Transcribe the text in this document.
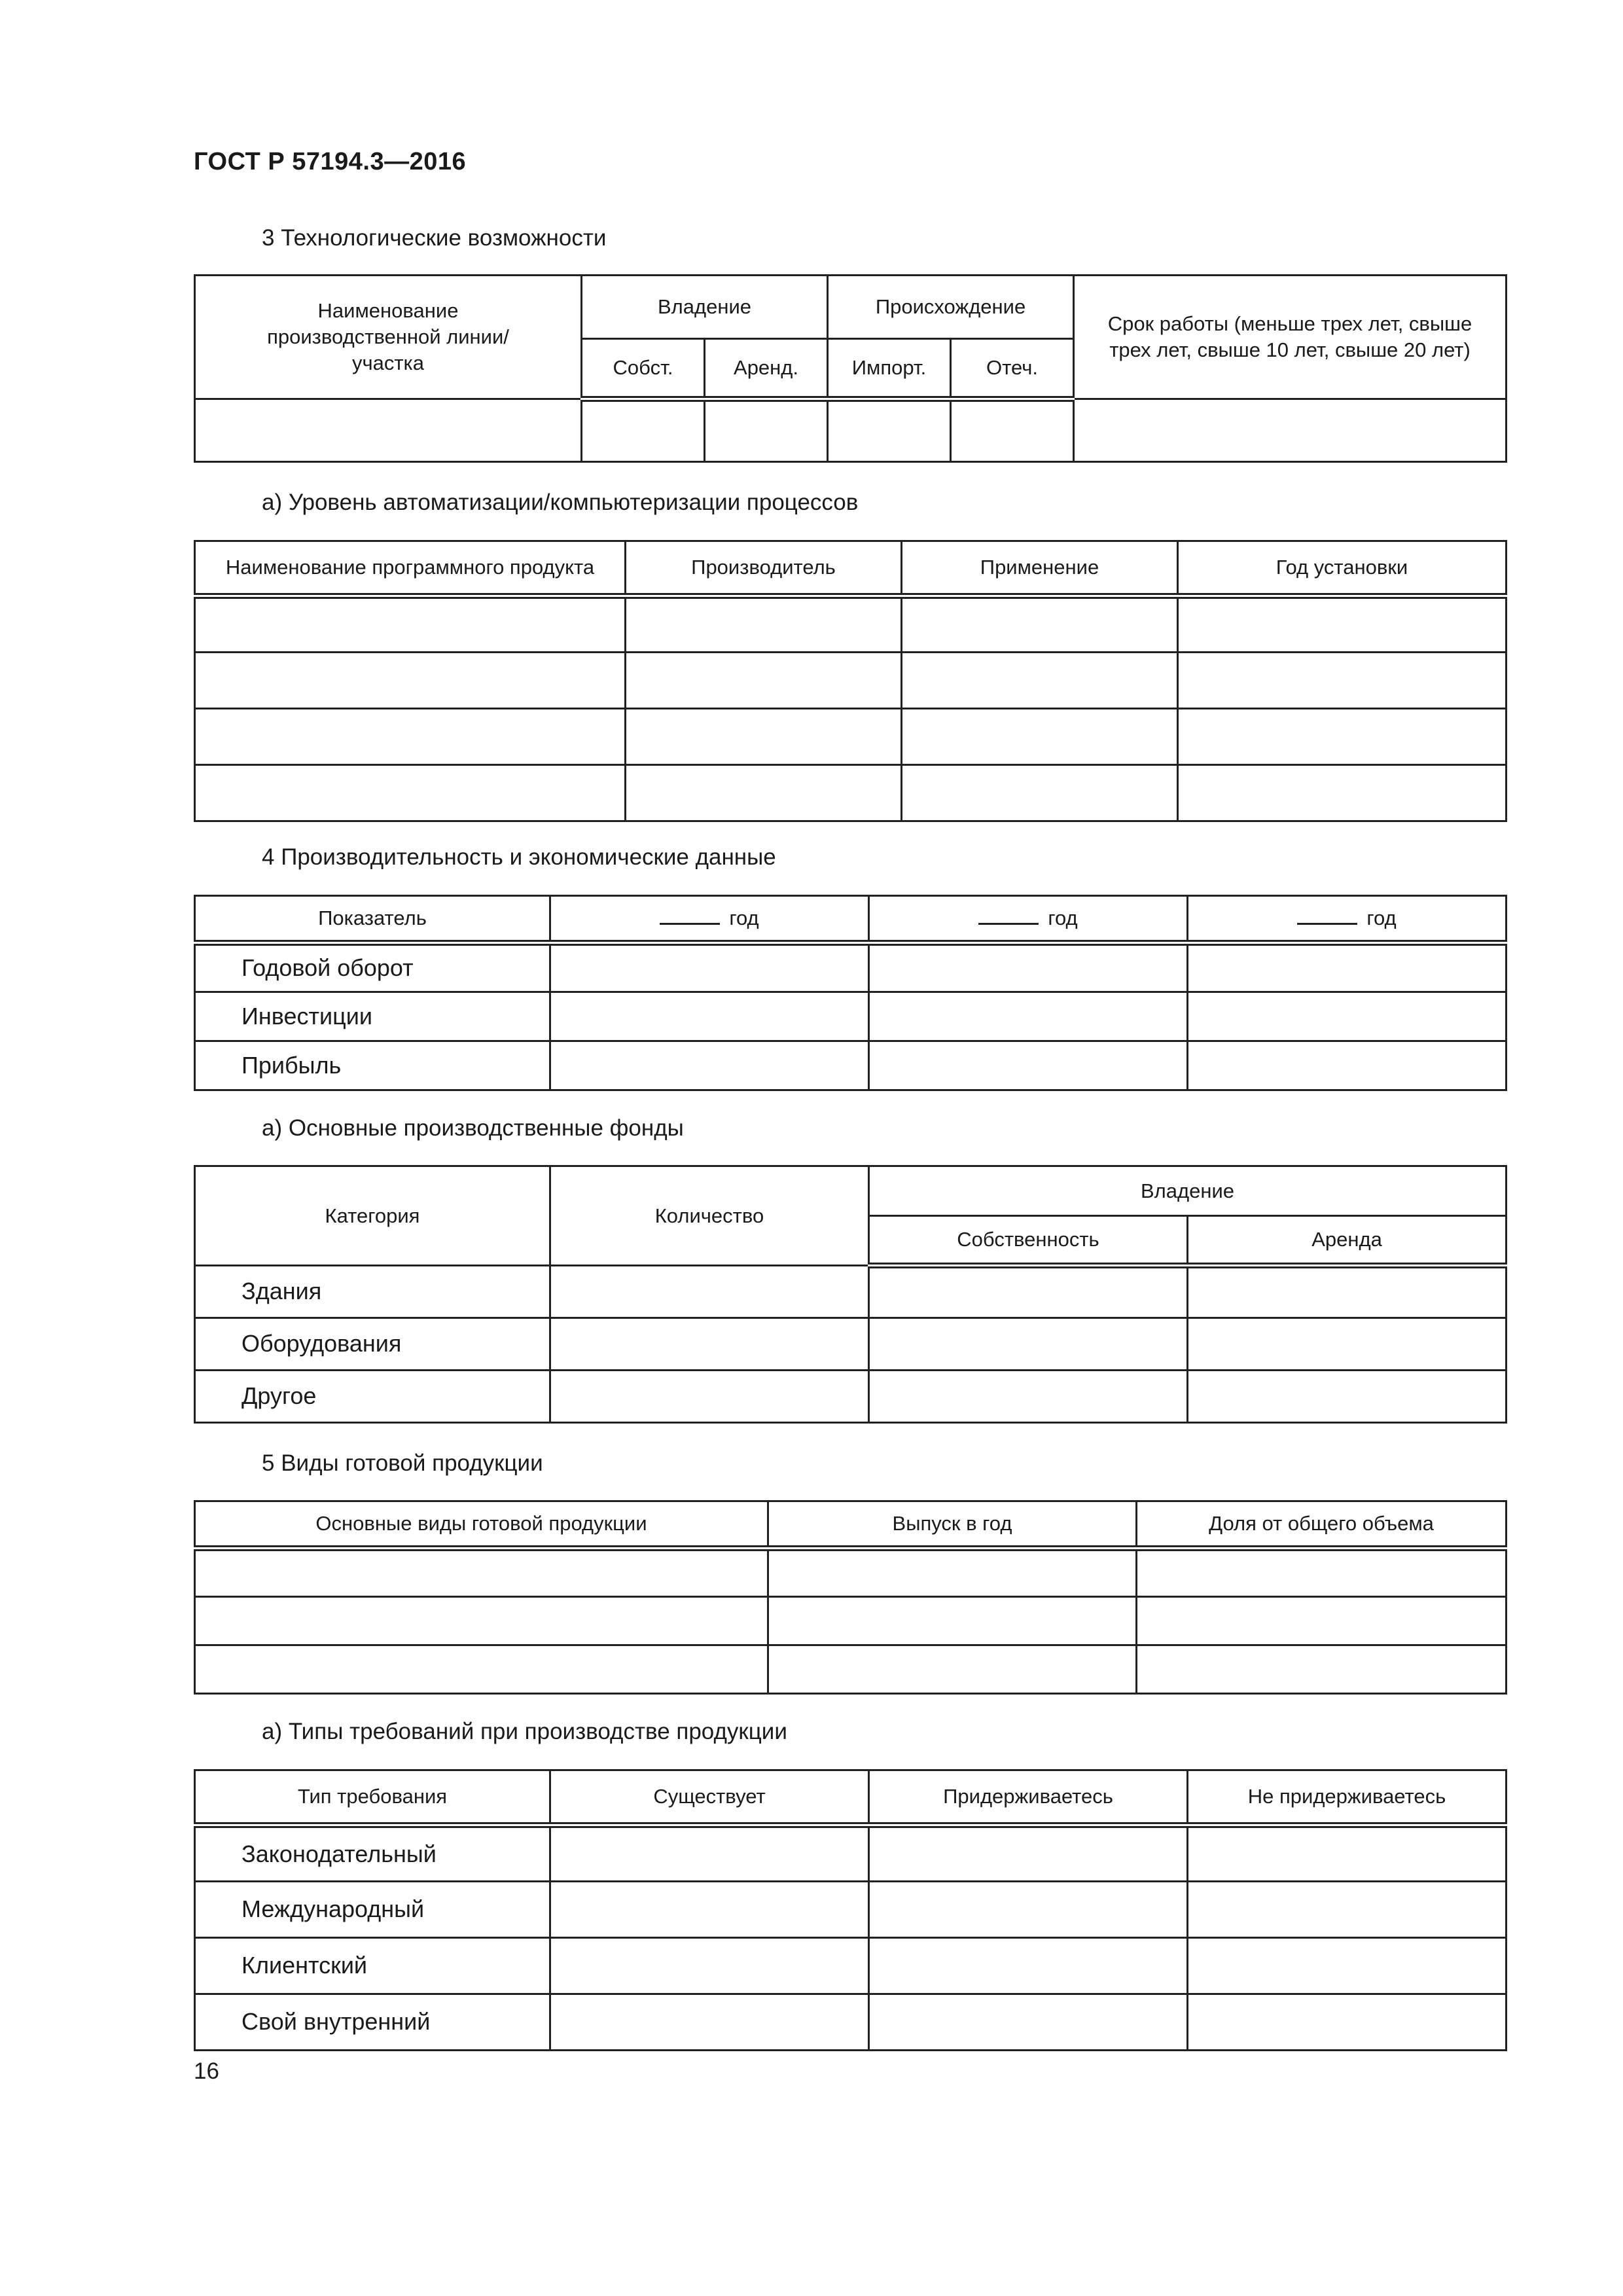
ГОСТ Р 57194.3—2016
3 Технологические возможности
Наименование производственной линии/участка	Владение		Происхождение		Срок работы (меньше трех лет, свыше трех лет, свыше 10 лет, свыше 20 лет)
	Собст.	Аренд.	Импорт.	Отеч.	

а) Уровень автоматизации/компьютеризации процессов
Наименование программного продукта	Производитель	Применение	Год установки

4 Производительность и экономические данные
Показатель	год	год	год
Годовой оборот			
Инвестиции			
Прибыль			
а) Основные производственные фонды
Категория	Количество	Владение	
		Собственность	Аренда
Здания			
Оборудования			
Другое			
5 Виды готовой продукции
Основные виды готовой продукции	Выпуск в год	Доля от общего объема

а) Типы требований при производстве продукции
Тип требования	Существует	Придерживаетесь	Не придерживаетесь
Законодательный			
Международный			
Клиентский			
Свой внутренний			
16
